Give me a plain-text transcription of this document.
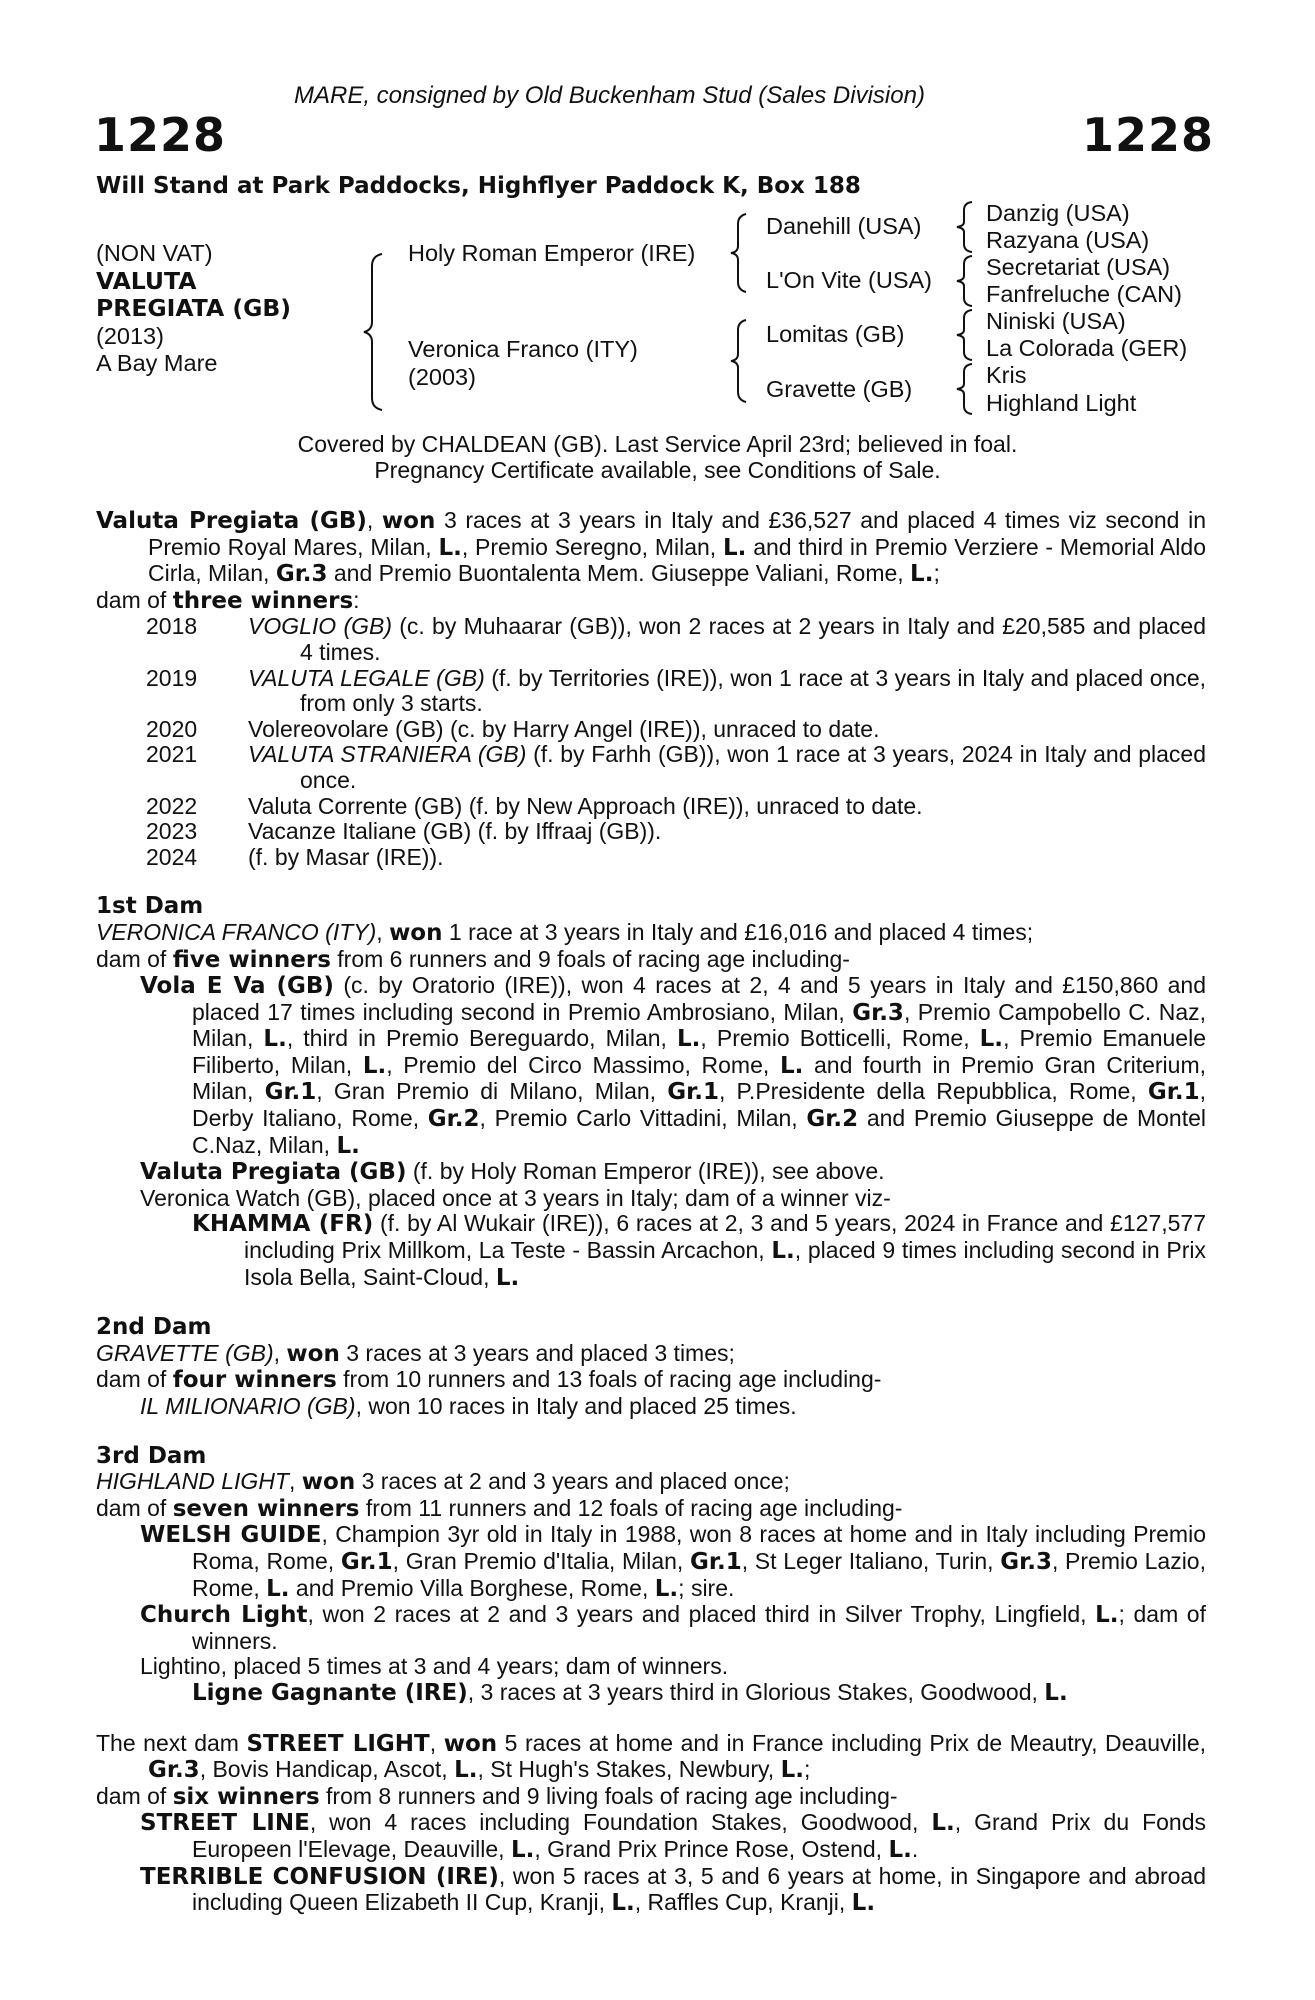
MARE, consigned by Old Buckenham Stud (Sales Division)
1228	1228
Will Stand at Park Paddocks, Highflyer Paddock K, Box 188
(NON VAT)
VALUTA
PREGIATA (GB)
(2013)
A Bay Mare
Holy Roman Emperor (IRE)
Veronica Franco (ITY)
(2003)
Danehill (USA)
L'On Vite (USA)
Lomitas (GB)
Gravette (GB)
Danzig (USA)
Razyana (USA)
Secretariat (USA)
Fanfreluche (CAN)
Niniski (USA)
La Colorada (GER)
Kris
Highland Light
Covered by CHALDEAN (GB). Last Service April 23rd; believed in foal.
Pregnancy Certificate available, see Conditions of Sale.
Valuta Pregiata (GB), won 3 races at 3 years in Italy and £36,527 and placed 4 times viz second in Premio Royal Mares, Milan, L., Premio Seregno, Milan, L. and third in Premio Verziere - Memorial Aldo Cirla, Milan, Gr.3 and Premio Buontalenta Mem. Giuseppe Valiani, Rome, L.;
dam of three winners:
2018	VOGLIO (GB) (c. by Muhaarar (GB)), won 2 races at 2 years in Italy and £20,585 and placed 4 times.
2019	VALUTA LEGALE (GB) (f. by Territories (IRE)), won 1 race at 3 years in Italy and placed once, from only 3 starts.
2020	Volereovolare (GB) (c. by Harry Angel (IRE)), unraced to date.
2021	VALUTA STRANIERA (GB) (f. by Farhh (GB)), won 1 race at 3 years, 2024 in Italy and placed once.
2022	Valuta Corrente (GB) (f. by New Approach (IRE)), unraced to date.
2023	Vacanze Italiane (GB) (f. by Iffraaj (GB)).
2024	(f. by Masar (IRE)).
1st Dam
VERONICA FRANCO (ITY), won 1 race at 3 years in Italy and £16,016 and placed 4 times;
dam of five winners from 6 runners and 9 foals of racing age including-
Vola E Va (GB) (c. by Oratorio (IRE)), won 4 races at 2, 4 and 5 years in Italy and £150,860 and placed 17 times including second in Premio Ambrosiano, Milan, Gr.3, Premio Campobello C. Naz, Milan, L., third in Premio Bereguardo, Milan, L., Premio Botticelli, Rome, L., Premio Emanuele Filiberto, Milan, L., Premio del Circo Massimo, Rome, L. and fourth in Premio Gran Criterium, Milan, Gr.1, Gran Premio di Milano, Milan, Gr.1, P.Presidente della Repubblica, Rome, Gr.1, Derby Italiano, Rome, Gr.2, Premio Carlo Vittadini, Milan, Gr.2 and Premio Giuseppe de Montel C.Naz, Milan, L.
Valuta Pregiata (GB) (f. by Holy Roman Emperor (IRE)), see above.
Veronica Watch (GB), placed once at 3 years in Italy; dam of a winner viz-
KHAMMA (FR) (f. by Al Wukair (IRE)), 6 races at 2, 3 and 5 years, 2024 in France and £127,577 including Prix Millkom, La Teste - Bassin Arcachon, L., placed 9 times including second in Prix Isola Bella, Saint-Cloud, L.
2nd Dam
GRAVETTE (GB), won 3 races at 3 years and placed 3 times;
dam of four winners from 10 runners and 13 foals of racing age including-
IL MILIONARIO (GB), won 10 races in Italy and placed 25 times.
3rd Dam
HIGHLAND LIGHT, won 3 races at 2 and 3 years and placed once;
dam of seven winners from 11 runners and 12 foals of racing age including-
WELSH GUIDE, Champion 3yr old in Italy in 1988, won 8 races at home and in Italy including Premio Roma, Rome, Gr.1, Gran Premio d'Italia, Milan, Gr.1, St Leger Italiano, Turin, Gr.3, Premio Lazio, Rome, L. and Premio Villa Borghese, Rome, L.; sire.
Church Light, won 2 races at 2 and 3 years and placed third in Silver Trophy, Lingfield, L.; dam of winners.
Lightino, placed 5 times at 3 and 4 years; dam of winners.
Ligne Gagnante (IRE), 3 races at 3 years third in Glorious Stakes, Goodwood, L.
The next dam STREET LIGHT, won 5 races at home and in France including Prix de Meautry, Deauville, Gr.3, Bovis Handicap, Ascot, L., St Hugh's Stakes, Newbury, L.;
dam of six winners from 8 runners and 9 living foals of racing age including-
STREET LINE, won 4 races including Foundation Stakes, Goodwood, L., Grand Prix du Fonds Europeen l'Elevage, Deauville, L., Grand Prix Prince Rose, Ostend, L..
TERRIBLE CONFUSION (IRE), won 5 races at 3, 5 and 6 years at home, in Singapore and abroad including Queen Elizabeth II Cup, Kranji, L., Raffles Cup, Kranji, L.
